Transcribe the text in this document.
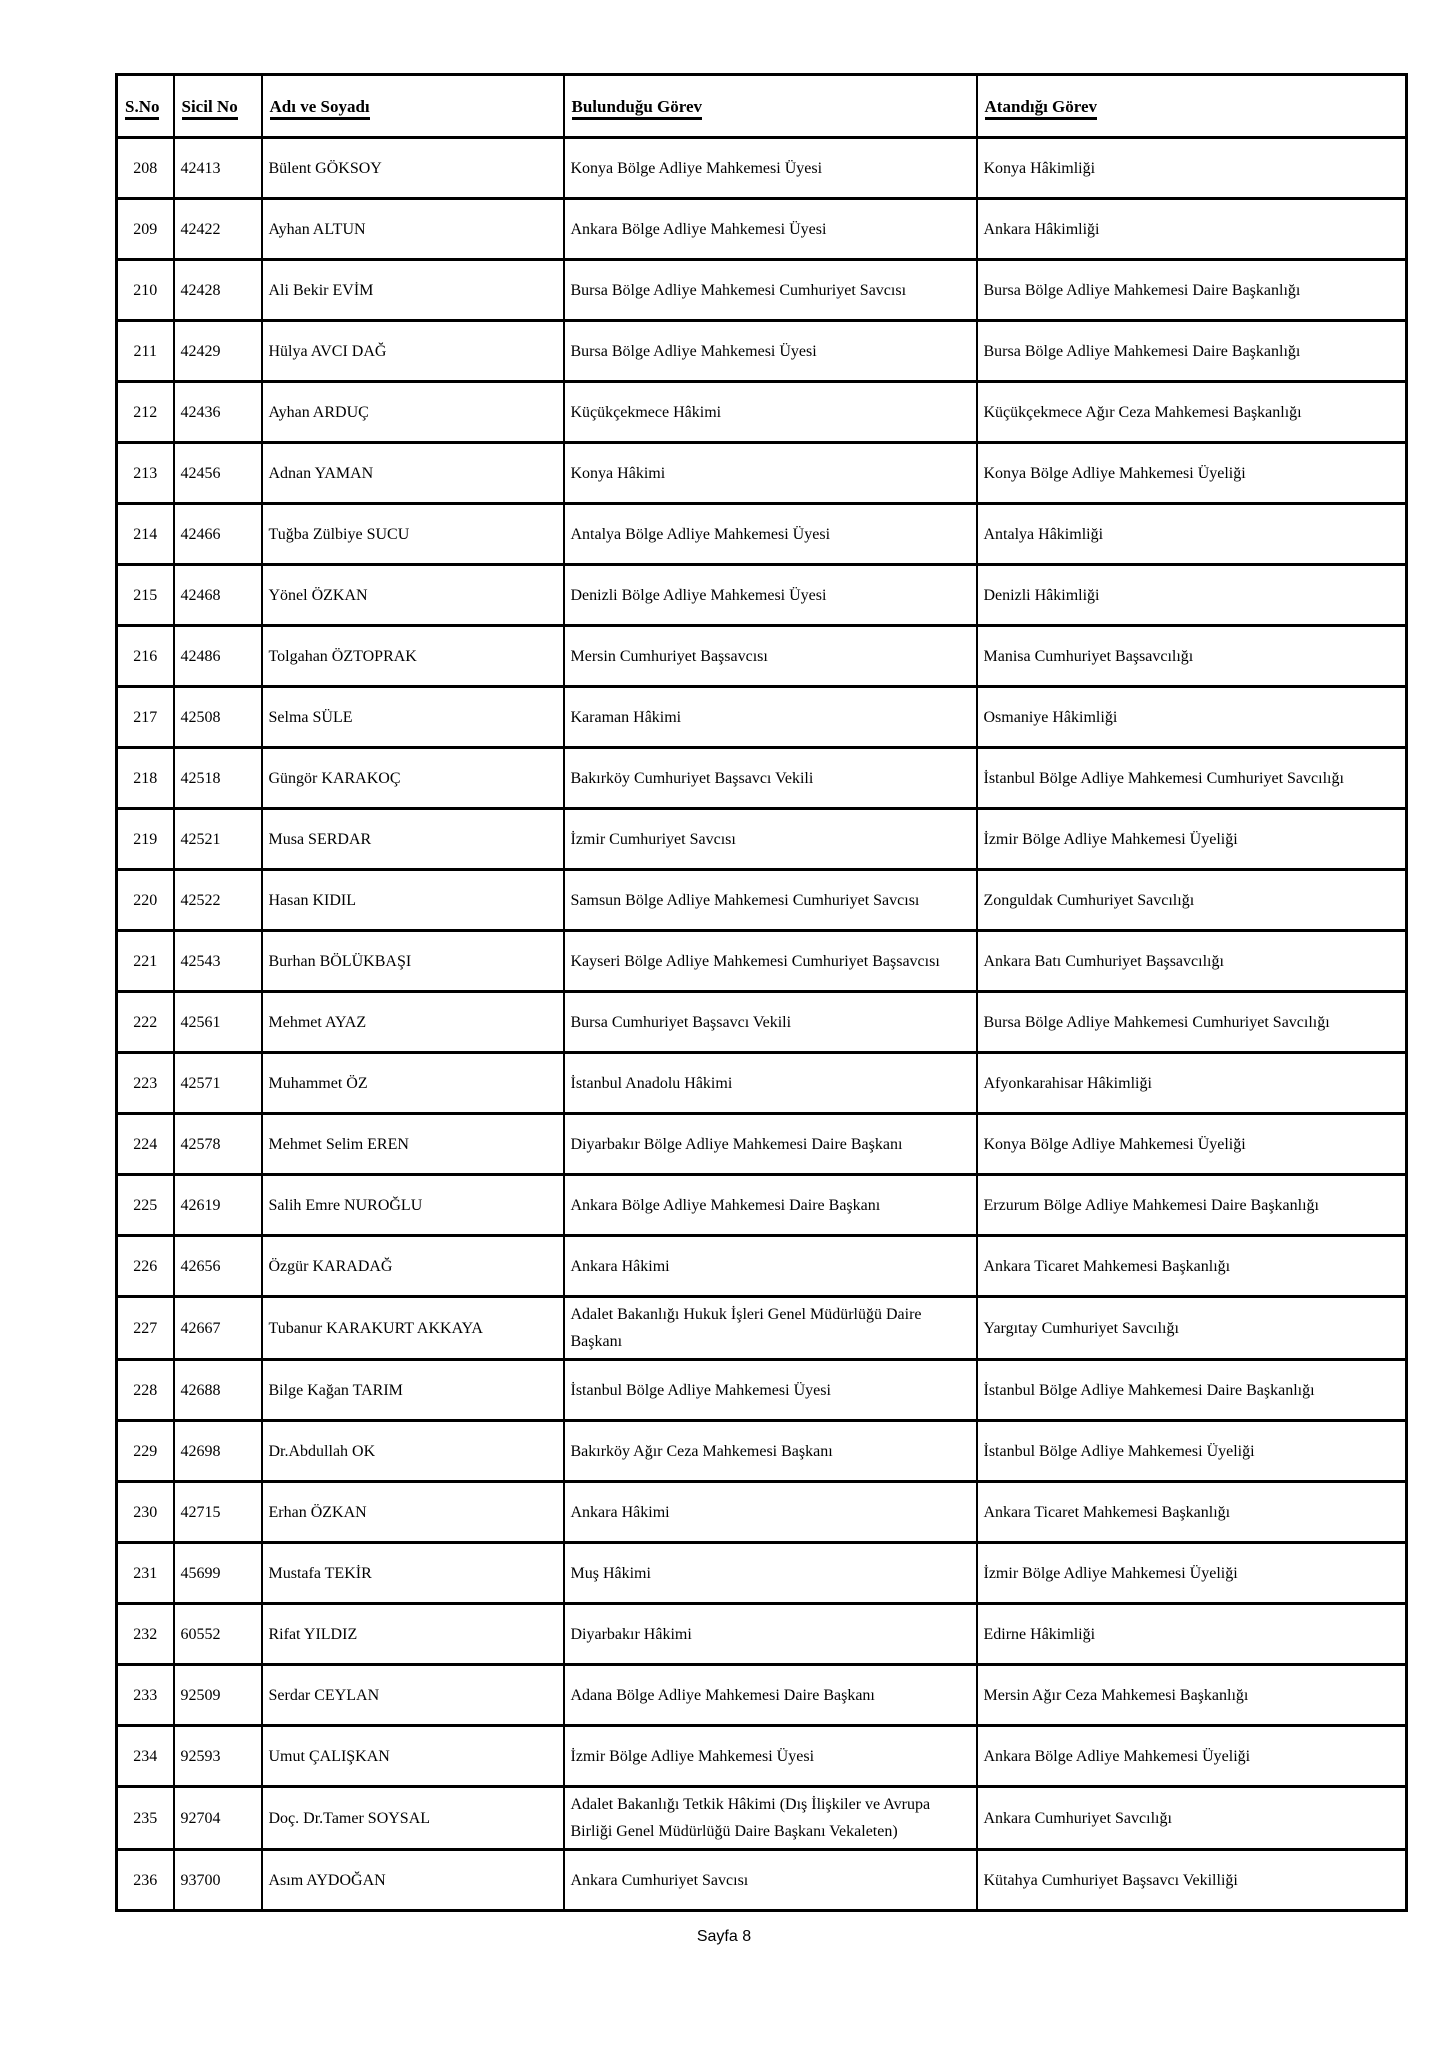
S.No	Sicil No	Adı ve Soyadı	Bulunduğu Görev	Atandığı Görev
208	42413	Bülent GÖKSOY	Konya Bölge Adliye Mahkemesi Üyesi	Konya Hâkimliği
209	42422	Ayhan ALTUN	Ankara Bölge Adliye Mahkemesi Üyesi	Ankara Hâkimliği
210	42428	Ali Bekir EVİM	Bursa Bölge Adliye Mahkemesi Cumhuriyet Savcısı	Bursa Bölge Adliye Mahkemesi Daire Başkanlığı
211	42429	Hülya AVCI DAĞ	Bursa Bölge Adliye Mahkemesi Üyesi	Bursa Bölge Adliye Mahkemesi Daire Başkanlığı
212	42436	Ayhan ARDUÇ	Küçükçekmece Hâkimi	Küçükçekmece Ağır Ceza Mahkemesi Başkanlığı
213	42456	Adnan YAMAN	Konya Hâkimi	Konya Bölge Adliye Mahkemesi Üyeliği
214	42466	Tuğba Zülbiye SUCU	Antalya Bölge Adliye Mahkemesi Üyesi	Antalya Hâkimliği
215	42468	Yönel ÖZKAN	Denizli Bölge Adliye Mahkemesi Üyesi	Denizli Hâkimliği
216	42486	Tolgahan ÖZTOPRAK	Mersin Cumhuriyet Başsavcısı	Manisa Cumhuriyet Başsavcılığı
217	42508	Selma SÜLE	Karaman Hâkimi	Osmaniye Hâkimliği
218	42518	Güngör KARAKOÇ	Bakırköy Cumhuriyet Başsavcı Vekili	İstanbul Bölge Adliye Mahkemesi Cumhuriyet Savcılığı
219	42521	Musa SERDAR	İzmir Cumhuriyet Savcısı	İzmir Bölge Adliye Mahkemesi Üyeliği
220	42522	Hasan KIDIL	Samsun Bölge Adliye Mahkemesi Cumhuriyet Savcısı	Zonguldak Cumhuriyet Savcılığı
221	42543	Burhan BÖLÜKBAŞI	Kayseri Bölge Adliye Mahkemesi Cumhuriyet Başsavcısı	Ankara Batı Cumhuriyet Başsavcılığı
222	42561	Mehmet AYAZ	Bursa Cumhuriyet Başsavcı Vekili	Bursa Bölge Adliye Mahkemesi Cumhuriyet Savcılığı
223	42571	Muhammet ÖZ	İstanbul Anadolu Hâkimi	Afyonkarahisar Hâkimliği
224	42578	Mehmet Selim EREN	Diyarbakır Bölge Adliye Mahkemesi Daire Başkanı	Konya Bölge Adliye Mahkemesi Üyeliği
225	42619	Salih Emre NUROĞLU	Ankara Bölge Adliye Mahkemesi Daire Başkanı	Erzurum Bölge Adliye Mahkemesi Daire Başkanlığı
226	42656	Özgür KARADAĞ	Ankara Hâkimi	Ankara Ticaret Mahkemesi Başkanlığı
227	42667	Tubanur KARAKURT AKKAYA	Adalet Bakanlığı Hukuk İşleri Genel Müdürlüğü Daire Başkanı	Yargıtay Cumhuriyet Savcılığı
228	42688	Bilge Kağan TARIM	İstanbul Bölge Adliye Mahkemesi Üyesi	İstanbul Bölge Adliye Mahkemesi Daire Başkanlığı
229	42698	Dr.Abdullah OK	Bakırköy Ağır Ceza Mahkemesi Başkanı	İstanbul Bölge Adliye Mahkemesi Üyeliği
230	42715	Erhan ÖZKAN	Ankara Hâkimi	Ankara Ticaret Mahkemesi Başkanlığı
231	45699	Mustafa TEKİR	Muş Hâkimi	İzmir Bölge Adliye Mahkemesi Üyeliği
232	60552	Rifat YILDIZ	Diyarbakır Hâkimi	Edirne Hâkimliği
233	92509	Serdar CEYLAN	Adana Bölge Adliye Mahkemesi Daire Başkanı	Mersin Ağır Ceza Mahkemesi Başkanlığı
234	92593	Umut ÇALIŞKAN	İzmir Bölge Adliye Mahkemesi Üyesi	Ankara Bölge Adliye Mahkemesi Üyeliği
235	92704	Doç. Dr.Tamer SOYSAL	Adalet Bakanlığı Tetkik Hâkimi (Dış İlişkiler ve Avrupa Birliği Genel Müdürlüğü Daire Başkanı Vekaleten)	Ankara Cumhuriyet Savcılığı
236	93700	Asım AYDOĞAN	Ankara Cumhuriyet Savcısı	Kütahya Cumhuriyet Başsavcı Vekilliği
Sayfa 8
